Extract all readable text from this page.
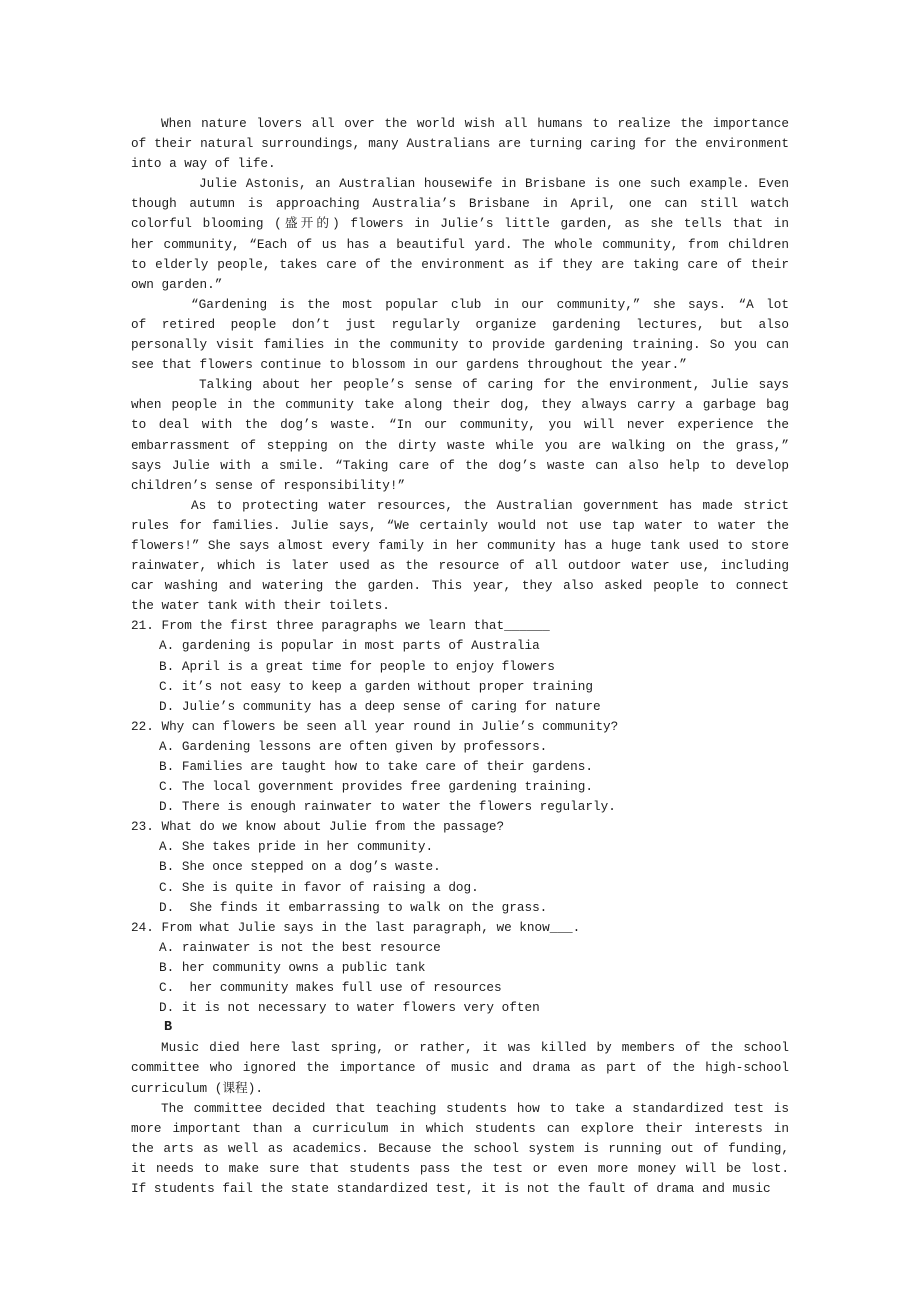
When nature lovers all over the world wish all humans to realize the importance
of their natural surroundings, many Australians are turning caring for the environment
into a way of life.
Julie Astonis, an Australian housewife in Brisbane is one such example. Even
though autumn is approaching Australia’s Brisbane in April, one can still watch
colorful blooming (盛开的) flowers in Julie’s little garden, as she tells that in
her community, “Each of us has a beautiful yard. The whole community, from children
to elderly people, takes care of the environment as if they are taking care of their
own garden.”
“Gardening is the most popular club in our community,” she says. “A lot
of retired people don’t just regularly organize gardening lectures, but also
personally visit families in the community to provide gardening training. So you can
see that flowers continue to blossom in our gardens throughout the year.”
Talking about her people’s sense of caring for the environment, Julie says
when people in the community take along their dog, they always carry a garbage bag
to deal with the dog’s waste. “In our community, you will never experience the
embarrassment of stepping on the dirty waste while you are walking on the grass,”
says Julie with a smile. “Taking care of the dog’s waste can also help to develop
children’s sense of responsibility!”
As to protecting water resources, the Australian government has made strict
rules for families. Julie says, “We certainly would not use tap water to water the
flowers!” She says almost every family in her community has a huge tank used to store
rainwater, which is later used as the resource of all outdoor water use, including
car washing and watering the garden. This year, they also asked people to connect
the water tank with their toilets.
21. From the first three paragraphs we learn that______
A. gardening is popular in most parts of Australia
B. April is a great time for people to enjoy flowers
C. it’s not easy to keep a garden without proper training
D. Julie’s community has a deep sense of caring for nature
22. Why can flowers be seen all year round in Julie’s community?
A. Gardening lessons are often given by professors.
B. Families are taught how to take care of their gardens.
C. The local government provides free gardening training.
D. There is enough rainwater to water the flowers regularly.
23. What do we know about Julie from the passage?
A. She takes pride in her community.
B. She once stepped on a dog’s waste.
C. She is quite in favor of raising a dog.
D.  She finds it embarrassing to walk on the grass.
24. From what Julie says in the last paragraph, we know___.
A. rainwater is not the best resource
B. her community owns a public tank
C.  her community makes full use of resources
D. it is not necessary to water flowers very often
B
Music died here last spring, or rather, it was killed by members of the school
committee who ignored the importance of music and drama as part of the high-school
curriculum (课程).
The committee decided that teaching students how to take a standardized test is
more important than a curriculum in which students can explore their interests in
the arts as well as academics. Because the school system is running out of funding,
it needs to make sure that students pass the test or even more money will be lost.
If students fail the state standardized test, it is not the fault of drama and music
